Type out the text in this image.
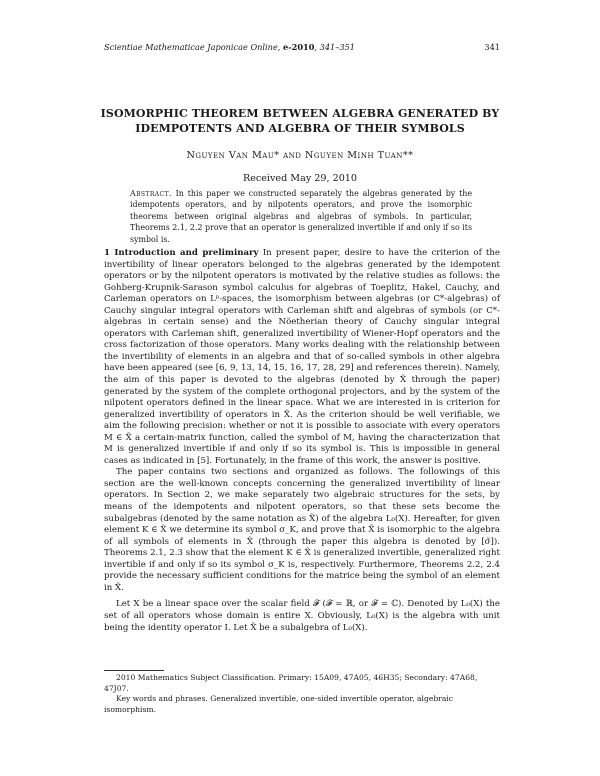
Scientiae Mathematicae Japonicae Online, e-2010, 341–351	341
ISOMORPHIC THEOREM BETWEEN ALGEBRA GENERATED BY
IDEMPOTENTS AND ALGEBRA OF THEIR SYMBOLS
Nguyen Van Mau* and Nguyen Minh Tuan**
Received May 29, 2010
Abstract. In this paper we constructed separately the algebras generated by the idempotents operators, and by nilpotents operators, and prove the isomorphic theorems between original algebras and algebras of symbols. In particular, Theorems 2.1, 2.2 prove that an operator is generalized invertible if and only if so its symbol is.

1 Introduction and preliminary In present paper, desire to have the criterion of the invertibility of linear operators belonged to the algebras generated by the idempotent operators or by the nilpotent operators is motivated by the relative studies as follows: the Gohberg-Krupnik-Sarason symbol calculus for algebras of Toeplitz, Hakel, Cauchy, and Carleman operators on Lᵖ-spaces, the isomorphism between algebras (or C*-algebras) of Cauchy singular integral operators with Carleman shift and algebras of symbols (or C*-algebras in certain sense) and the Nöetherian theory of Cauchy singular integral operators with Carleman shift, generalized invertibility of Wiener-Hopf operators and the cross factorization of those operators. Many works dealing with the relationship between the invertibility of elements in an algebra and that of so-called symbols in other algebra have been appeared (see [6, 9, 13, 14, 15, 16, 17, 28, 29] and references therein). Namely, the aim of this paper is devoted to the algebras (denoted by X̃ through the paper) generated by the system of the complete orthogonal projectors, and by the system of the nilpotent operators defined in the linear space. What we are interested in is criterion for generalized invertibility of operators in X̃. As the criterion should be well verifiable, we aim the following precision: whether or not it is possible to associate with every operators M ∈ X̃ a certain-matrix function, called the symbol of M, having the characterization that M is generalized invertible if and only if so its symbol is. This is impossible in general cases as indicated in [5]. Fortunately, in the frame of this work, the answer is positive.

The paper contains two sections and organized as follows. The followings of this section are the well-known concepts concerning the generalized invertibility of linear operators. In Section 2, we make separately two algebraic structures for the sets, by means of the idempotents and nilpotent operators, so that these sets become the subalgebras (denoted by the same notation as X̃) of the algebra L₀(X). Hereafter, for given element K ∈ X̃ we determine its symbol σ_K, and prove that X̃ is isomorphic to the algebra of all symbols of elements in X̃ (through the paper this algebra is denoted by [σ̃]). Theorems 2.1, 2.3 show that the element K ∈ X̃ is generalized invertible, generalized right invertible if and only if so its symbol σ_K is, respectively. Furthermore, Theorems 2.2, 2.4 provide the necessary sufficient conditions for the matrice being the symbol of an element in X̃.

Let X be a linear space over the scalar field 𝓕 (𝓕 = ℝ, or 𝓕 = ℂ). Denoted by L₀(X) the set of all operators whose domain is entire X. Obviously, L₀(X) is the algebra with unit being the identity operator I. Let X̃ be a subalgebra of L₀(X).

2010 Mathematics Subject Classification. Primary: 15A09, 47A05, 46H35; Secondary: 47A68, 47J07.

Key words and phrases. Generalized invertible, one-sided invertible operator, algebraic isomorphism.
